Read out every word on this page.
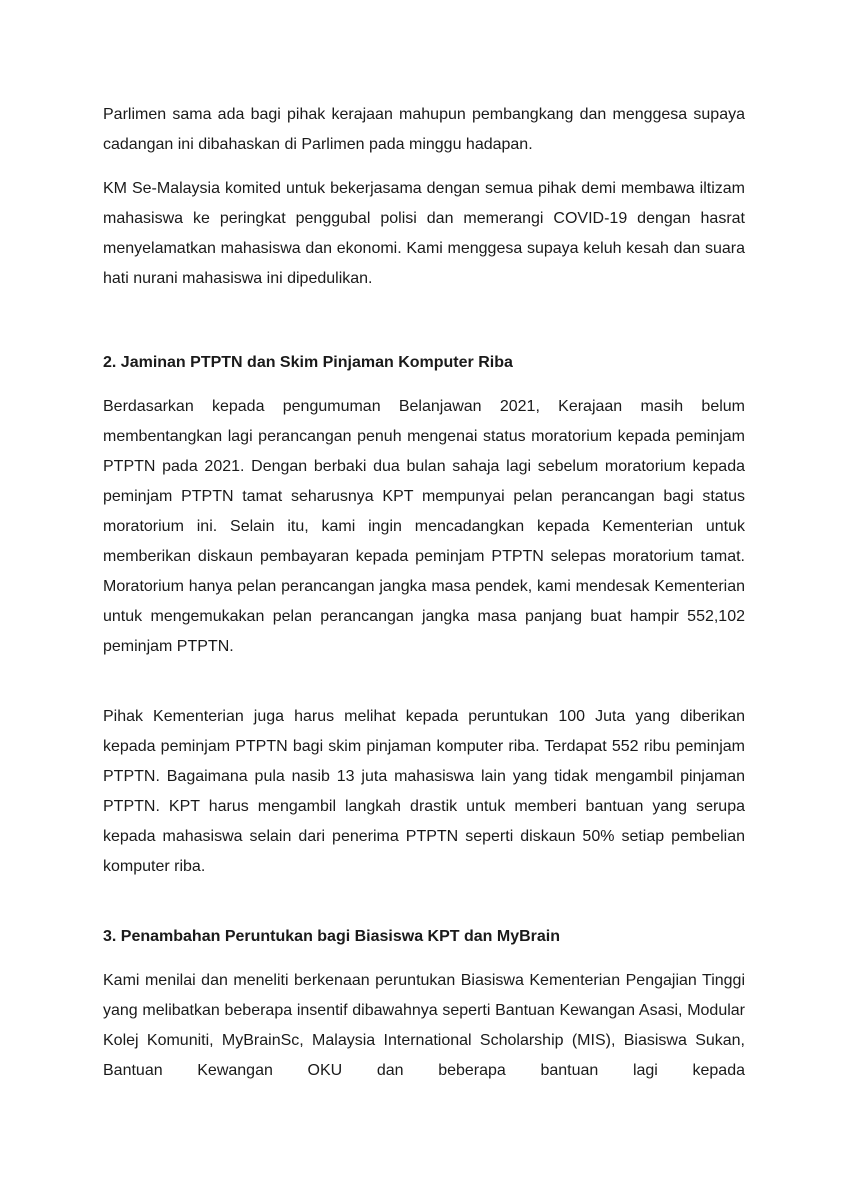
Parlimen sama ada bagi pihak kerajaan mahupun pembangkang dan menggesa supaya cadangan ini dibahaskan di Parlimen pada minggu hadapan.

KM Se-Malaysia komited untuk bekerjasama dengan semua pihak demi membawa iltizam mahasiswa ke peringkat penggubal polisi dan memerangi COVID-19 dengan hasrat menyelamatkan mahasiswa dan ekonomi. Kami menggesa supaya keluh kesah dan suara hati nurani mahasiswa ini dipedulikan.

2. Jaminan PTPTN dan Skim Pinjaman Komputer Riba

Berdasarkan kepada pengumuman Belanjawan 2021, Kerajaan masih belum membentangkan lagi perancangan penuh mengenai status moratorium kepada peminjam PTPTN pada 2021. Dengan berbaki dua bulan sahaja lagi sebelum moratorium kepada peminjam PTPTN tamat seharusnya KPT mempunyai pelan perancangan bagi status moratorium ini. Selain itu, kami ingin mencadangkan kepada Kementerian untuk memberikan diskaun pembayaran kepada peminjam PTPTN selepas moratorium tamat. Moratorium hanya pelan perancangan jangka masa pendek, kami mendesak Kementerian untuk mengemukakan pelan perancangan jangka masa panjang buat hampir 552,102 peminjam PTPTN.

Pihak Kementerian juga harus melihat kepada peruntukan 100 Juta yang diberikan kepada peminjam PTPTN bagi skim pinjaman komputer riba. Terdapat 552 ribu peminjam PTPTN. Bagaimana pula nasib 13 juta mahasiswa lain yang tidak mengambil pinjaman PTPTN. KPT harus mengambil langkah drastik untuk memberi bantuan yang serupa kepada mahasiswa selain dari penerima PTPTN seperti diskaun 50% setiap pembelian komputer riba.

3. Penambahan Peruntukan bagi Biasiswa KPT dan MyBrain

Kami menilai dan meneliti berkenaan peruntukan Biasiswa Kementerian Pengajian Tinggi yang melibatkan beberapa insentif dibawahnya seperti Bantuan Kewangan Asasi, Modular Kolej Komuniti, MyBrainSc, Malaysia International Scholarship (MIS), Biasiswa Sukan, Bantuan Kewangan OKU dan beberapa bantuan lagi kepada
